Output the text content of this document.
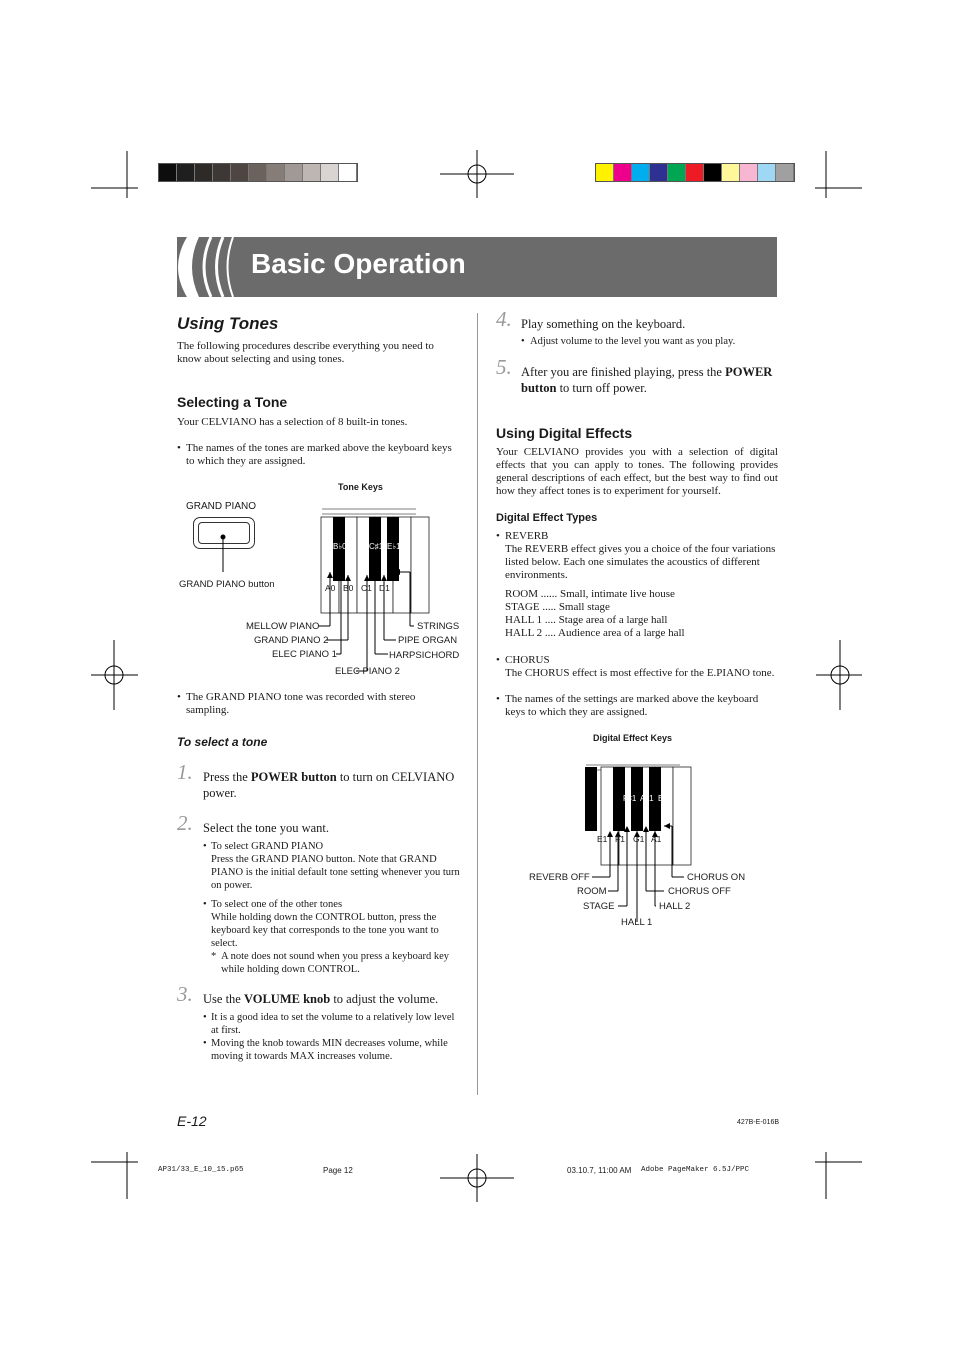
Basic Operation
Using Tones
The following procedures describe everything you need to know about selecting and using tones.
Selecting a Tone
Your CELVIANO has a selection of 8 built-in tones.
• The names of the tones are marked above the keyboard keys to which they are assigned.
Tone Keys
GRAND PIANO
GRAND PIANO button
B♭0	C♯1 E♭1
A0 B0 C1 D1
MELLOW PIANO
GRAND PIANO 2
ELEC PIANO 1
ELEC PIANO 2
STRINGS
PIPE ORGAN
HARPSICHORD
• The GRAND PIANO tone was recorded with stereo sampling.
To select a tone
1. Press the POWER button to turn on CELVIANO power.
2. Select the tone you want.
• To select GRAND PIANO
Press the GRAND PIANO button. Note that GRAND PIANO is the initial default tone setting whenever you turn on power.
• To select one of the other tones
While holding down the CONTROL button, press the keyboard key that corresponds to the tone you want to select.
* A note does not sound when you press a keyboard key while holding down CONTROL.
3. Use the VOLUME knob to adjust the volume.
• It is a good idea to set the volume to a relatively low level at first.
• Moving the knob towards MIN decreases volume, while moving it towards MAX increases volume.
4. Play something on the keyboard.
• Adjust volume to the level you want as you play.
5. After you are finished playing, press the POWER button to turn off power.
Using Digital Effects
Your CELVIANO provides you with a selection of digital effects that you can apply to tones. The following provides general descriptions of each effect, but the best way to find out how they affect tones is to experiment for yourself.
Digital Effect Types
• REVERB
The REVERB effect gives you a choice of the four variations listed below. Each one simulates the acoustics of different environments.
ROOM ...... Small, intimate live house
STAGE ..... Small stage
HALL 1 .... Stage area of a large hall
HALL 2 .... Audience area of a large hall
• CHORUS
The CHORUS effect is most effective for the E.PIANO tone.
• The names of the settings are marked above the keyboard keys to which they are assigned.
Digital Effect Keys
F♯1 A♭1 B♭1
E1 F1 G1 A1
REVERB OFF
ROOM
STAGE
HALL 1
CHORUS ON
CHORUS OFF
HALL 2
E-12	427B-E-016B
AP31/33_E_10_15.p65	Page 12	03.10.7, 11:00 AM Adobe PageMaker 6.5J/PPC
